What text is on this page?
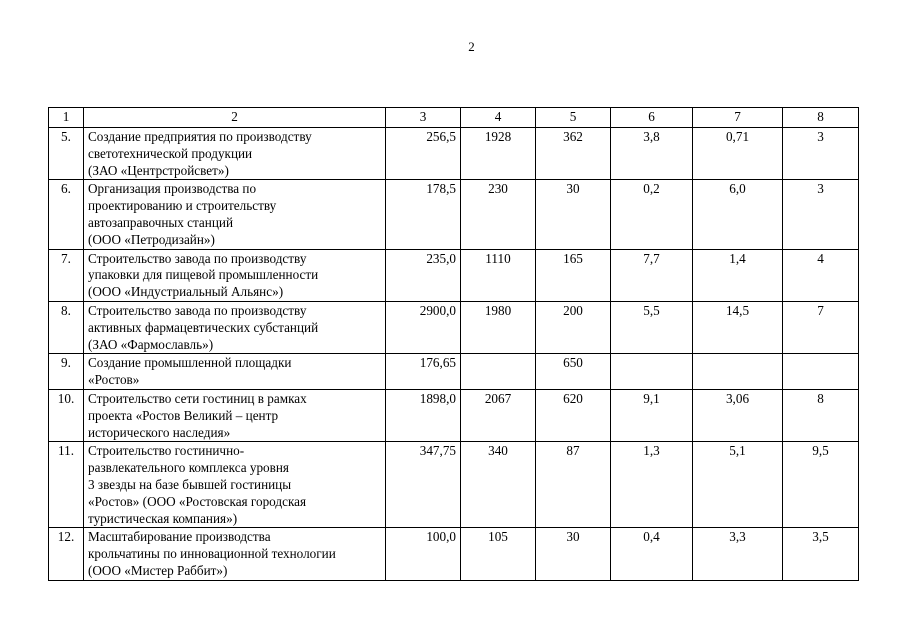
2
1	2	3	4	5	6	7	8
5.	Создание предприятия по производству
светотехнической продукции
(ЗАО «Центрстройсвет»)	256,5	1928	362	3,8	0,71	3
6.	Организация производства по
проектированию и строительству
автозаправочных станций
(ООО «Петродизайн»)	178,5	230	30	0,2	6,0	3
7.	Строительство завода по производству
упаковки для пищевой промышленности
(ООО «Индустриальный Альянс»)	235,0	1110	165	7,7	1,4	4
8.	Строительство завода по производству
активных фармацевтических субстанций
(ЗАО «Фармославль»)	2900,0	1980	200	5,5	14,5	7
9.	Создание промышленной площадки
«Ростов»	176,65		650			
10.	Строительство сети гостиниц в рамках
проекта «Ростов Великий – центр
исторического наследия»	1898,0	2067	620	9,1	3,06	8
11.	Строительство гостинично-
развлекательного комплекса уровня
3 звезды на базе бывшей гостиницы
«Ростов» (ООО «Ростовская городская
туристическая компания»)	347,75	340	87	1,3	5,1	9,5
12.	Масштабирование производства
крольчатины по инновационной технологии
(ООО «Мистер Раббит»)	100,0	105	30	0,4	3,3	3,5
